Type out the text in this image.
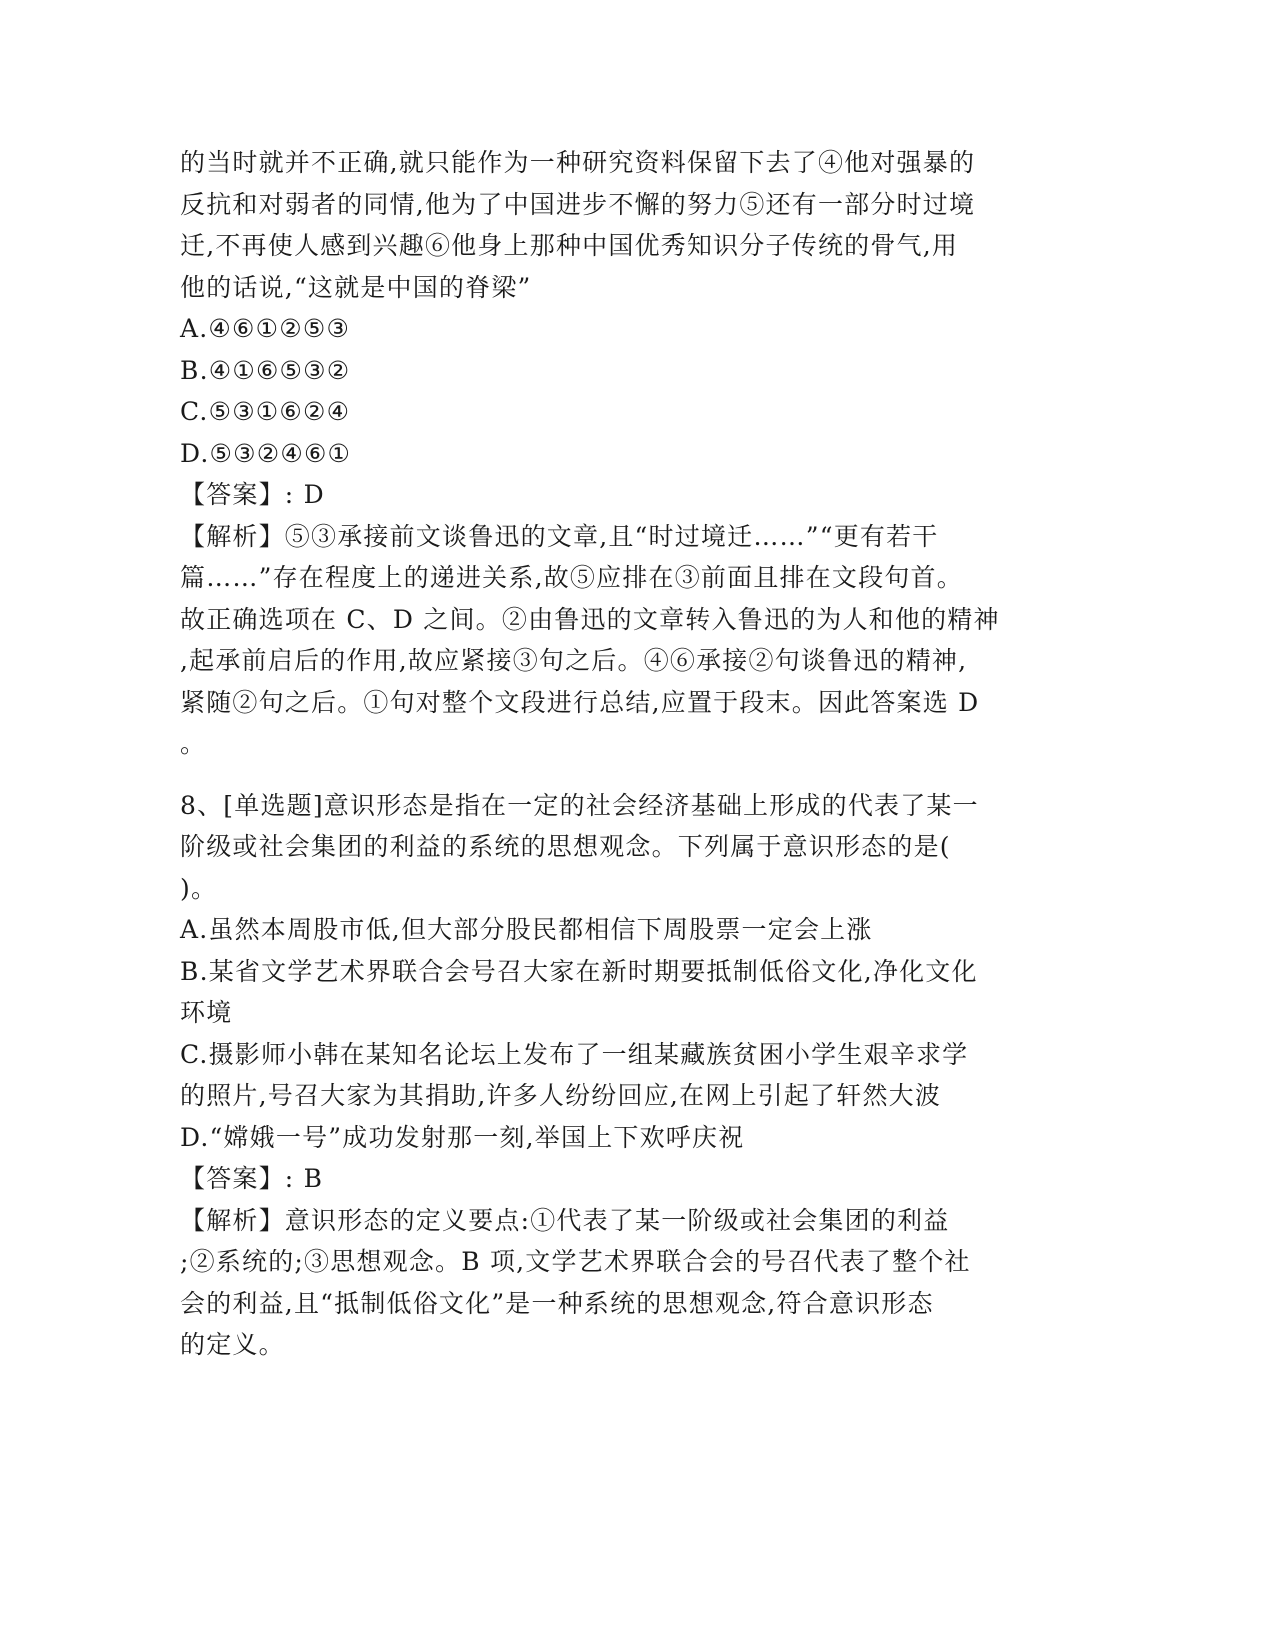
的当时就并不正确,就只能作为一种研究资料保留下去了④他对强暴的
反抗和对弱者的同情,他为了中国进步不懈的努力⑤还有一部分时过境
迁,不再使人感到兴趣⑥他身上那种中国优秀知识分子传统的骨气,用
他的话说,“这就是中国的脊梁”
A.④⑥①②⑤③
B.④①⑥⑤③②
C.⑤③①⑥②④
D.⑤③②④⑥①
【答案】: D
【解析】⑤③承接前文谈鲁迅的文章,且“时过境迁……”“更有若干
篇……”存在程度上的递进关系,故⑤应排在③前面且排在文段句首。
故正确选项在 C、D 之间。②由鲁迅的文章转入鲁迅的为人和他的精神
,起承前启后的作用,故应紧接③句之后。④⑥承接②句谈鲁迅的精神,
紧随②句之后。①句对整个文段进行总结,应置于段末。因此答案选 D
。
8、[单选题]意识形态是指在一定的社会经济基础上形成的代表了某一
阶级或社会集团的利益的系统的思想观念。下列属于意识形态的是(
)。
A.虽然本周股市低,但大部分股民都相信下周股票一定会上涨
B.某省文学艺术界联合会号召大家在新时期要抵制低俗文化,净化文化
环境
C.摄影师小韩在某知名论坛上发布了一组某藏族贫困小学生艰辛求学
的照片,号召大家为其捐助,许多人纷纷回应,在网上引起了轩然大波
D.“嫦娥一号”成功发射那一刻,举国上下欢呼庆祝
【答案】: B
【解析】意识形态的定义要点:①代表了某一阶级或社会集团的利益
;②系统的;③思想观念。B 项,文学艺术界联合会的号召代表了整个社
会的利益,且“抵制低俗文化”是一种系统的思想观念,符合意识形态
的定义。
